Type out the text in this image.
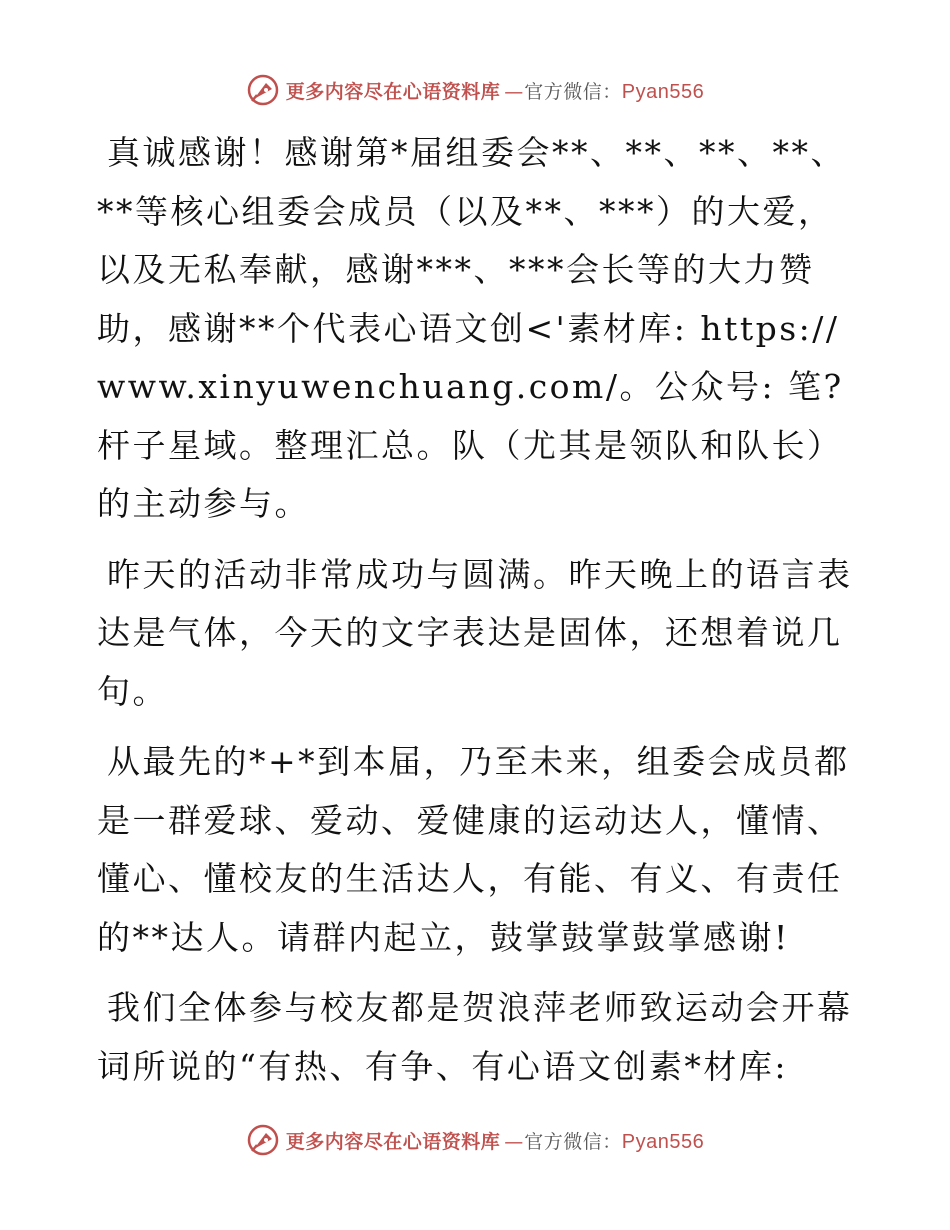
更多内容尽在心语资料库 — 官方微信：Pyan556

真诚感谢！感谢第*届组委会**、**、**、**、**等核心组委会成员（以及**、***）的大爱，以及无私奉献，感谢***、***会长等的大力赞助，感谢**个代表心语文创<'素材库: https://www.xinyuwenchuang.com/。公众号: 笔?杆子星域。整理汇总。队（尤其是领队和队长）的主动参与。

昨天的活动非常成功与圆满。昨天晚上的语言表达是气体，今天的文字表达是固体，还想着说几句。

从最先的*+*到本届，乃至未来，组委会成员都是一群爱球、爱动、爱健康的运动达人，懂情、懂心、懂校友的生活达人，有能、有义、有责任的**达人。请群内起立，鼓掌鼓掌鼓掌感谢!

我们全体参与校友都是贺浪萍老师致运动会开幕词所说的“有热、有争、有心语文创素*材库:

更多内容尽在心语资料库 — 官方微信：Pyan556
